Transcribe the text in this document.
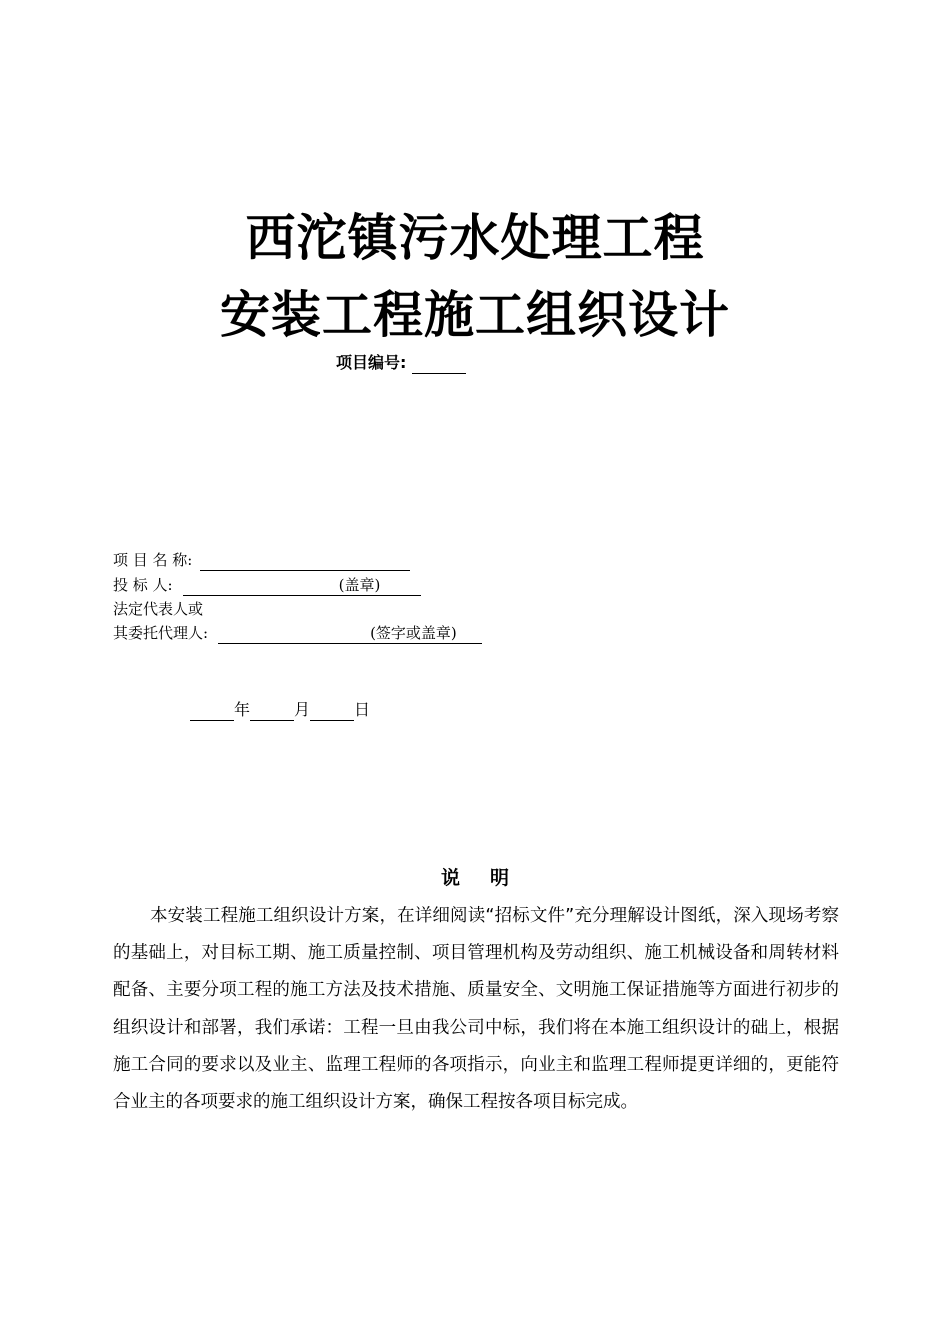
西沱镇污水处理工程
安装工程施工组织设计
项目编号:
项 目 名 称:
投 标 人:	(盖章)
法定代表人或
其委托代理人:	(签字或盖章)
年	月	日
说明
本安装工程施工组织设计方案，在详细阅读“招标文件”充分理解设计图纸，深入现场考察的基础上，对目标工期、施工质量控制、项目管理机构及劳动组织、施工机械设备和周转材料配备、主要分项工程的施工方法及技术措施、质量安全、文明施工保证措施等方面进行初步的组织设计和部署，我们承诺：工程一旦由我公司中标，我们将在本施工组织设计的础上，根据施工合同的要求以及业主、监理工程师的各项指示，向业主和监理工程师提更详细的，更能符合业主的各项要求的施工组织设计方案，确保工程按各项目标完成。
